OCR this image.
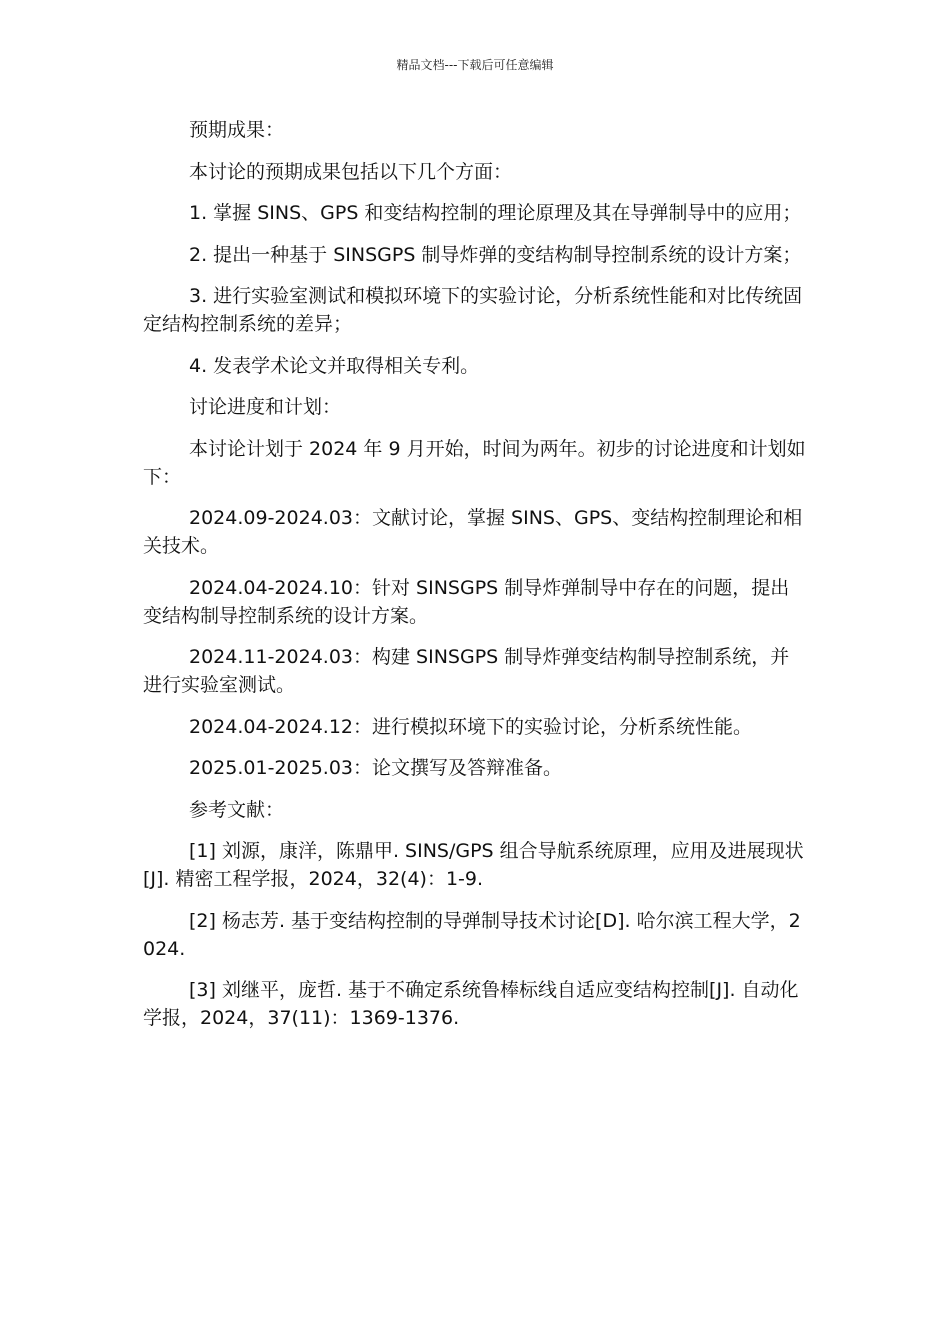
精品文档---下载后可任意编辑

预期成果：

本讨论的预期成果包括以下几个方面：

1. 掌握 SINS、GPS 和变结构控制的理论原理及其在导弹制导中的应用；

2. 提出一种基于 SINSGPS 制导炸弹的变结构制导控制系统的设计方案；

3. 进行实验室测试和模拟环境下的实验讨论，分析系统性能和对比传统固定结构控制系统的差异；

4. 发表学术论文并取得相关专利。

讨论进度和计划：

本讨论计划于 2024 年 9 月开始，时间为两年。初步的讨论进度和计划如下：

2024.09-2024.03：文献讨论，掌握 SINS、GPS、变结构控制理论和相关技术。

2024.04-2024.10：针对 SINSGPS 制导炸弹制导中存在的问题，提出变结构制导控制系统的设计方案。

2024.11-2024.03：构建 SINSGPS 制导炸弹变结构制导控制系统，并进行实验室测试。

2024.04-2024.12：进行模拟环境下的实验讨论，分析系统性能。

2025.01-2025.03：论文撰写及答辩准备。

参考文献：

[1] 刘源，康洋，陈鼎甲. SINS/GPS 组合导航系统原理，应用及进展现状[J]. 精密工程学报，2024，32(4)：1-9.

[2] 杨志芳. 基于变结构控制的导弹制导技术讨论[D]. 哈尔滨工程大学，2024.

[3] 刘继平，庞哲. 基于不确定系统鲁棒标线自适应变结构控制[J]. 自动化学报，2024，37(11)：1369-1376.
